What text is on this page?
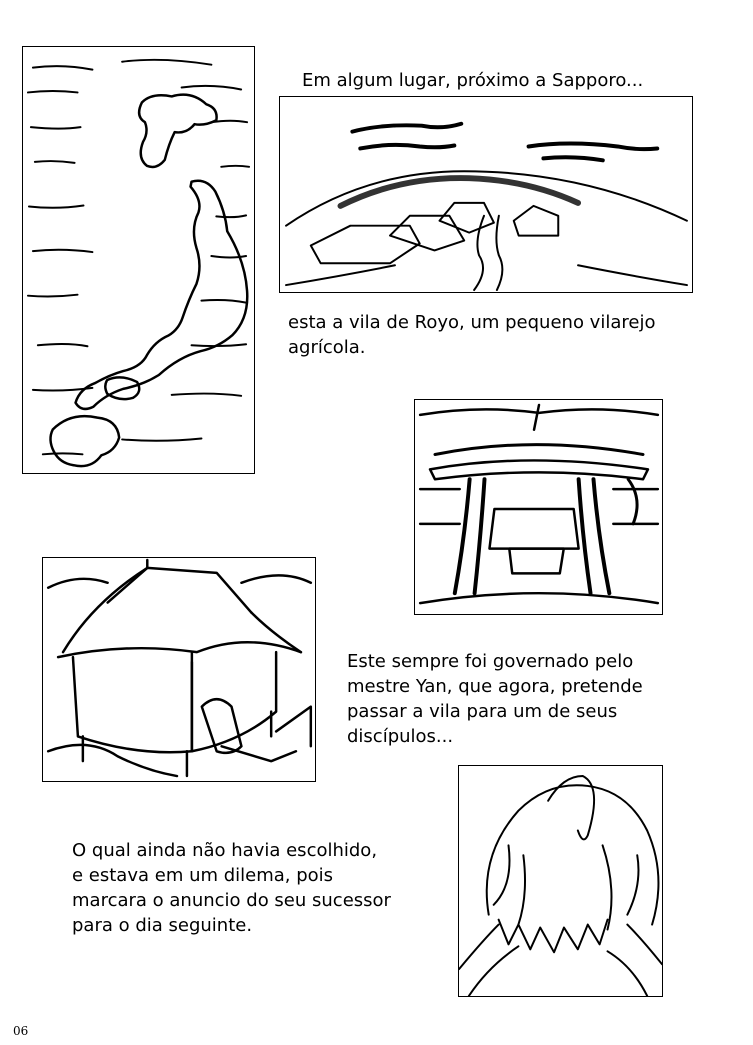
Em algum lugar, próximo a Sapporo...
esta a vila de Royo, um pequeno vilarejo
agrícola.
Este sempre foi governado pelo
mestre Yan, que agora, pretende
passar a vila para um de seus
discípulos...
O qual ainda não havia escolhido,
e estava em um dilema, pois
marcara o anuncio do seu sucessor
para o dia seguinte.
06
